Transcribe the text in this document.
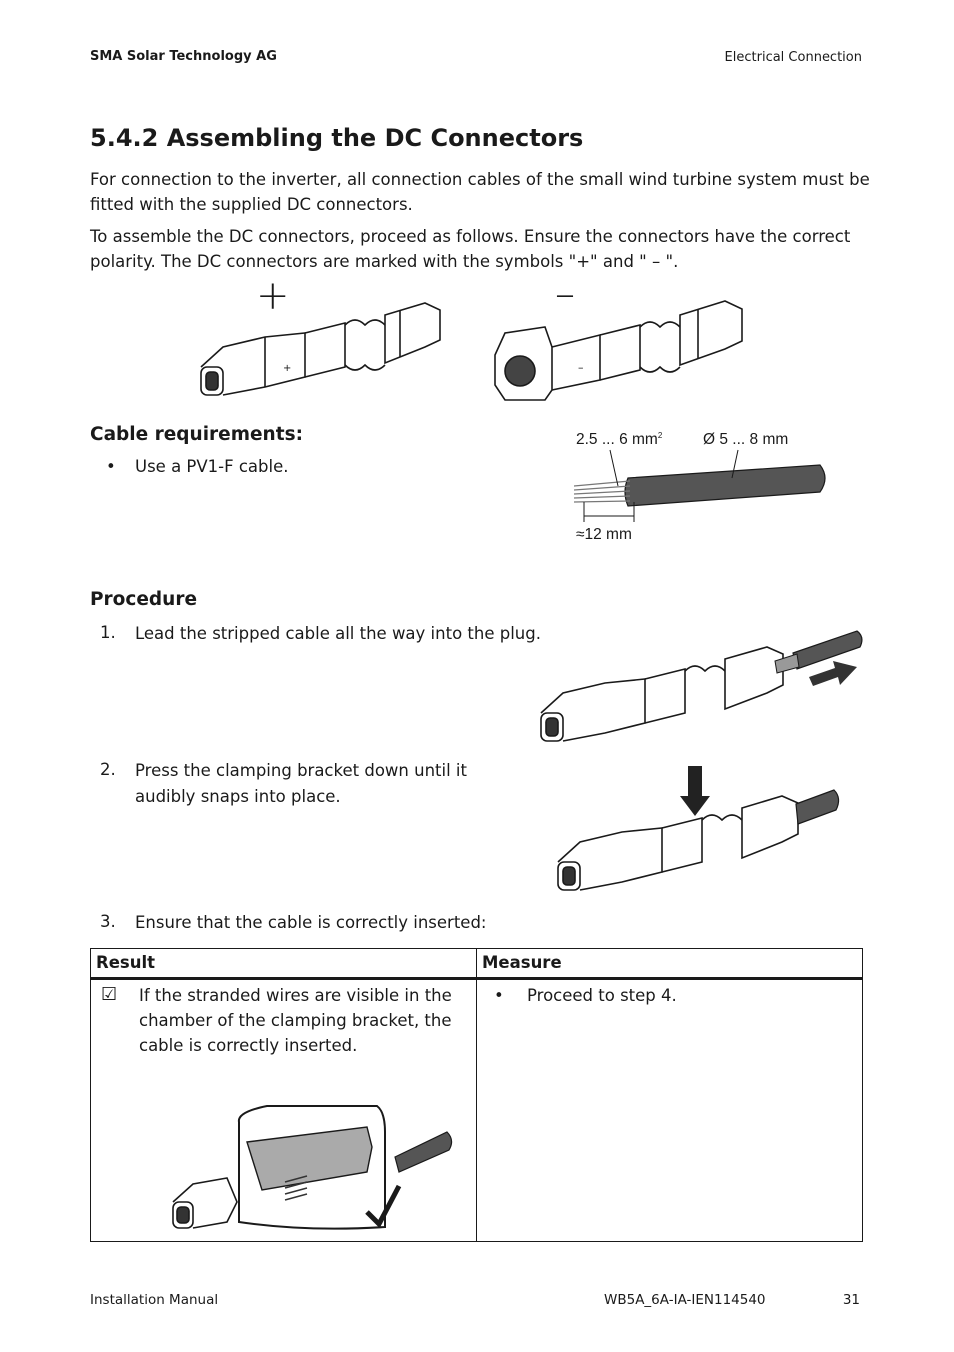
SMA Solar Technology AG	Electrical Connection
5.4.2 Assembling the DC Connectors
For connection to the inverter, all connection cables of the small wind turbine system must be fitted with the supplied DC connectors.
To assemble the DC connectors, proceed as follows. Ensure the connectors have the correct polarity. The DC connectors are marked with the symbols "+" and " – ".
+	–
+	–
Cable requirements:
• Use a PV1-F cable.
2.5 ... 6 $mm^2$	Ø 5 ... 8 mm
≈12 mm
Procedure
1. Lead the stripped cable all the way into the plug.
2. Press the clamping bracket down until it audibly snaps into place.
3. Ensure that the cable is correctly inserted:
Result	Measure

☑ If the stranded wires are visible in the chamber of the clamping bracket, the cable is correctly inserted.	• Proceed to step 4.
Installation Manual	WB5A_6A-IA-IEN114540	31
